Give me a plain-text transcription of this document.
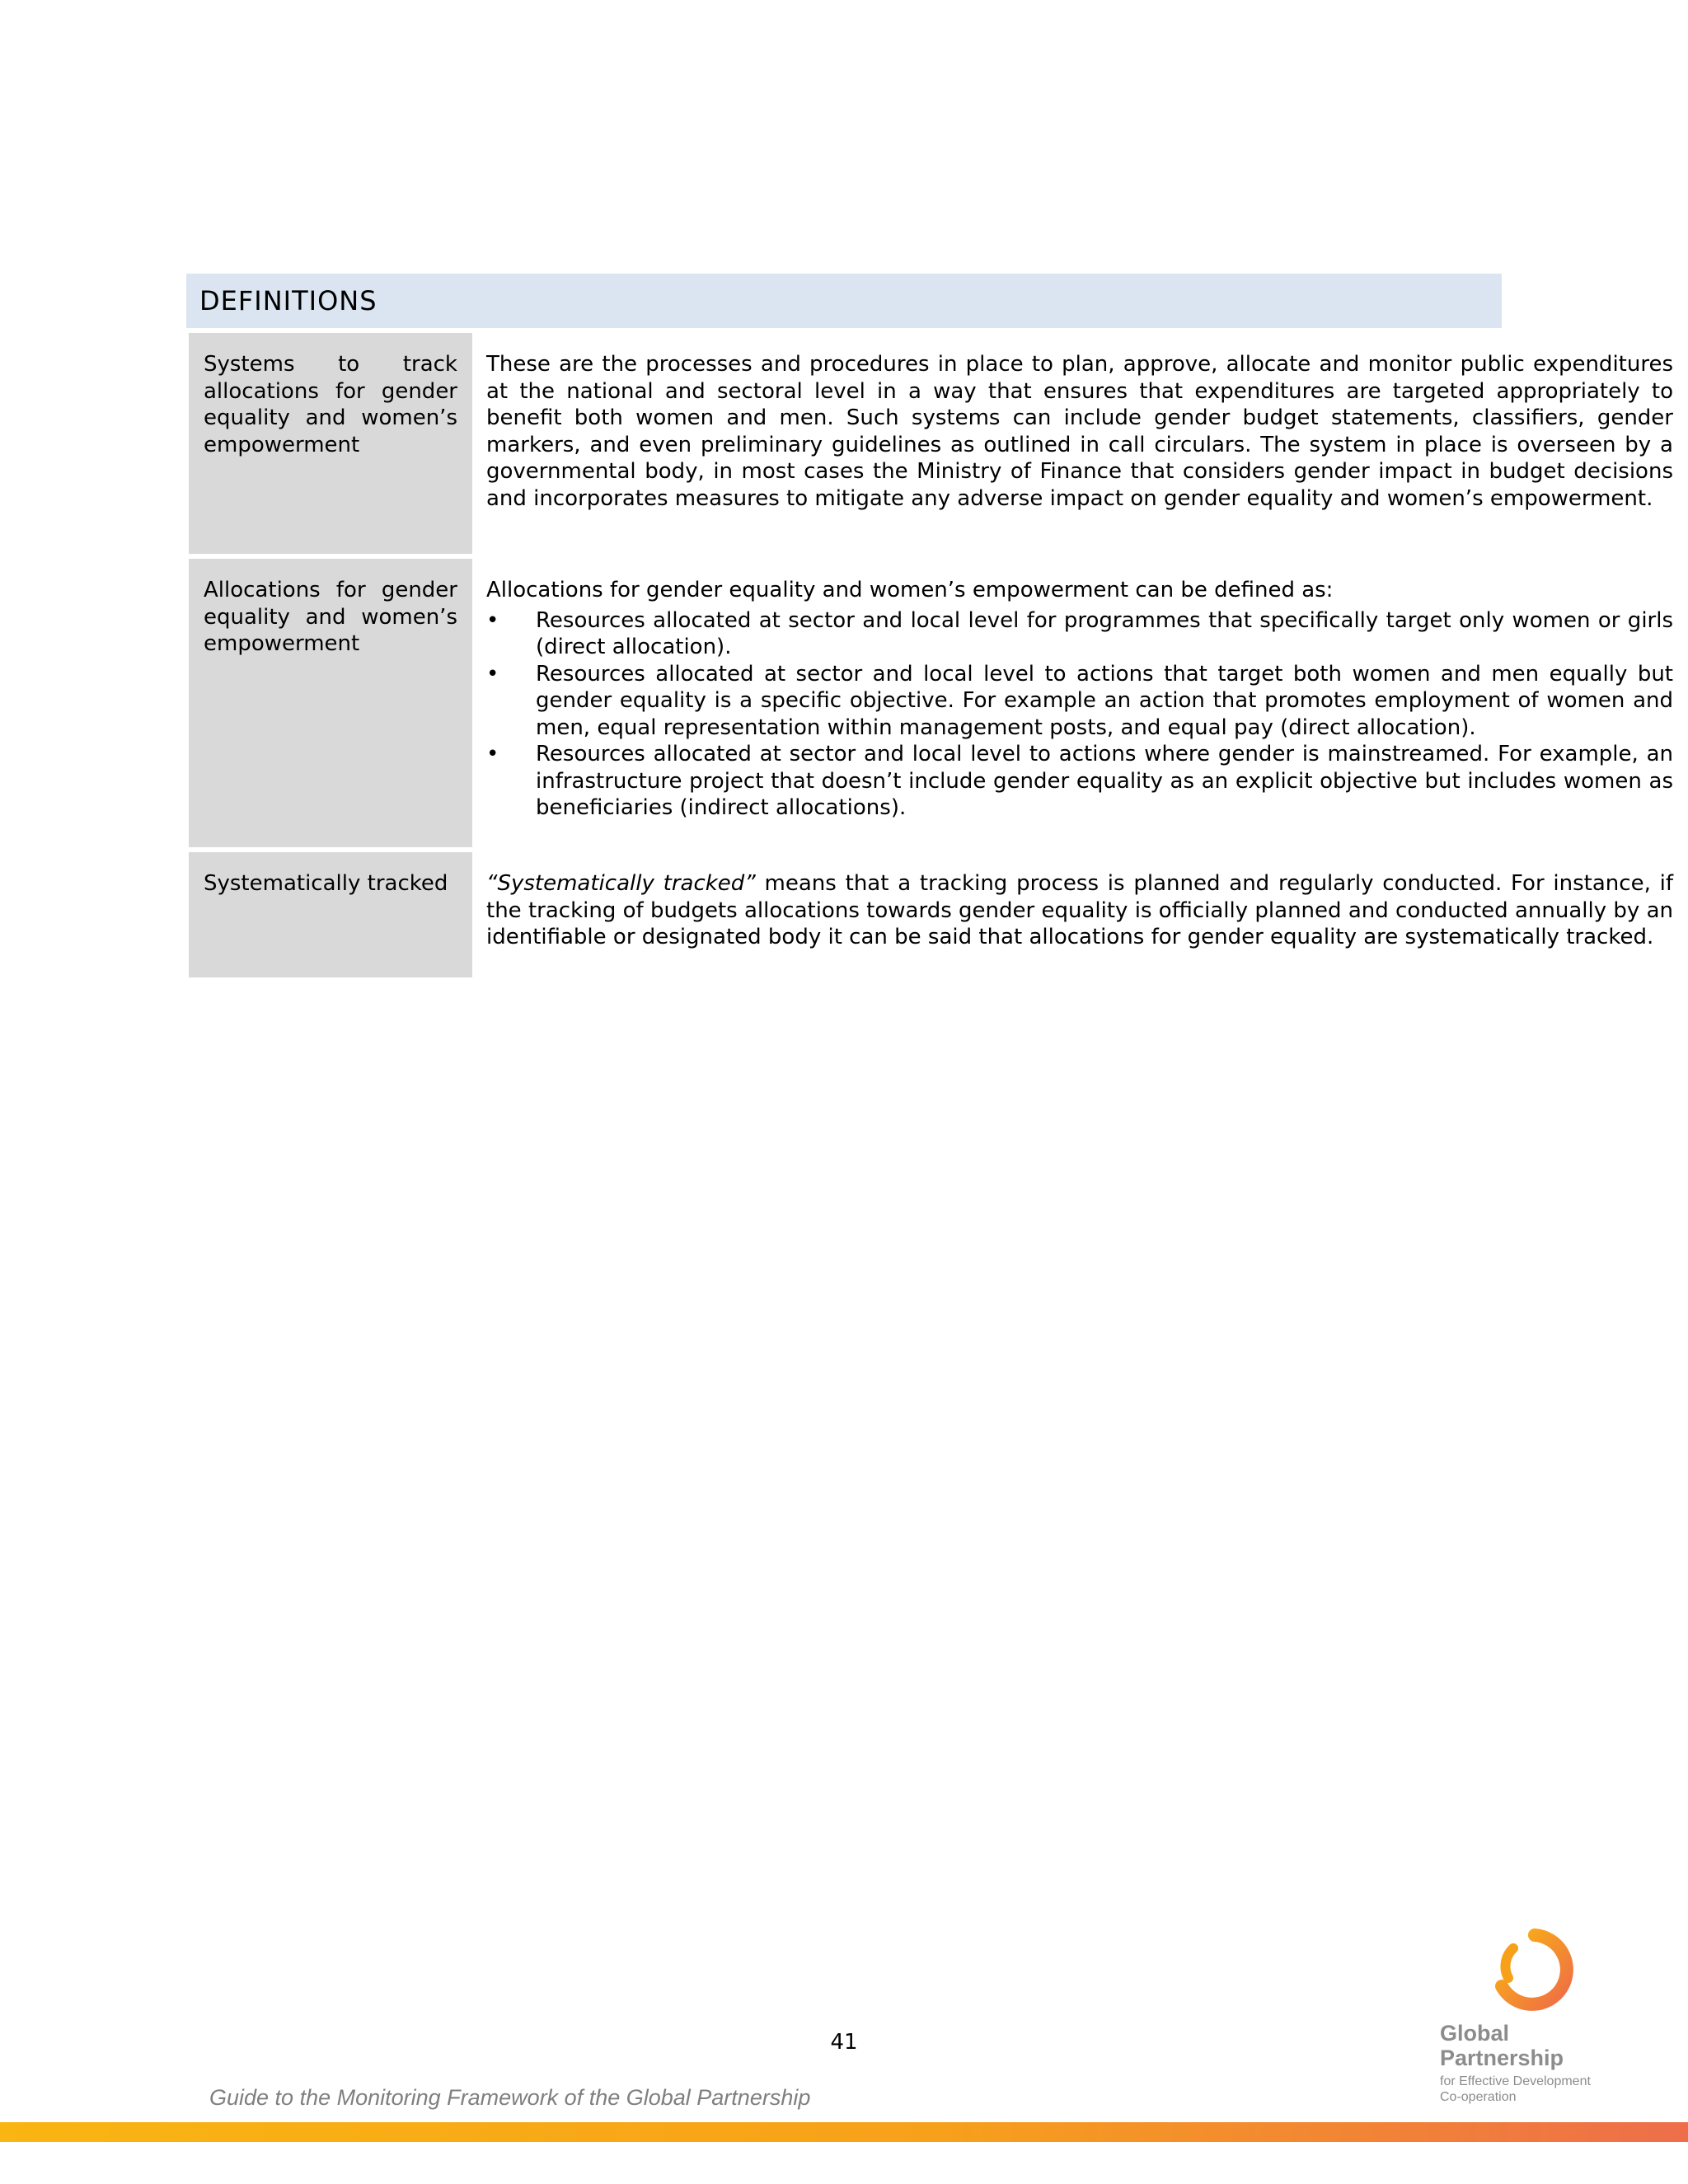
DEFINITIONS
Systems to track allocations for gender equality and women’s empowerment

These are the processes and procedures in place to plan, approve, allocate and monitor public expenditures at the national and sectoral level in a way that ensures that expenditures are targeted appropriately to benefit both women and men. Such systems can include gender budget statements, classifiers, gender markers, and even preliminary guidelines as outlined in call circulars. The system in place is overseen by a governmental body, in most cases the Ministry of Finance that considers gender impact in budget decisions and incorporates measures to mitigate any adverse impact on gender equality and women’s empowerment.

Allocations for gender equality and women’s empowerment

Allocations for gender equality and women’s empowerment can be defined as:

• Resources allocated at sector and local level for programmes that specifically target only women or girls (direct allocation).
• Resources allocated at sector and local level to actions that target both women and men equally but gender equality is a specific objective. For example an action that promotes employment of women and men, equal representation within management posts, and equal pay (direct allocation).
• Resources allocated at sector and local level to actions where gender is mainstreamed. For example, an infrastructure project that doesn’t include gender equality as an explicit objective but includes women as beneficiaries (indirect allocations).
Systematically tracked	“Systematically tracked” means that a tracking process is planned and regularly conducted. For instance, if the tracking of budgets allocations towards gender equality is officially planned and conducted annually by an identifiable or designated body it can be said that allocations for gender equality are systematically tracked.

41
Guide to the Monitoring Framework of the Global Partnership
Global
Partnership
for Effective Development
Co-operation
